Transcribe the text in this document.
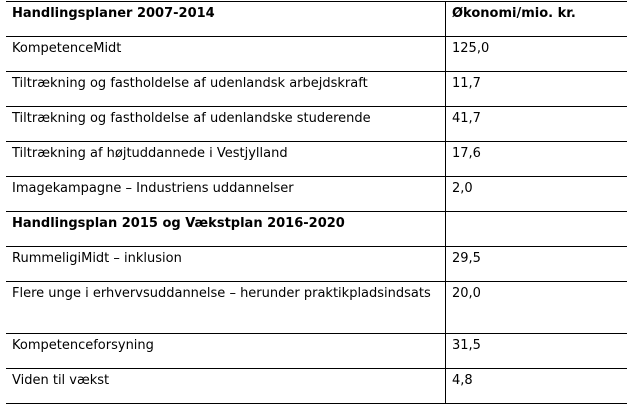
Handlingsplaner 2007-2014	Økonomi/mio. kr.
KompetenceMidt	125,0
Tiltrækning og fastholdelse af udenlandsk arbejdskraft	11,7
Tiltrækning og fastholdelse af udenlandske studerende	41,7
Tiltrækning af højtuddannede i Vestjylland	17,6
Imagekampagne – Industriens uddannelser	2,0
Handlingsplan 2015 og Vækstplan 2016-2020	
RummeligiMidt – inklusion	29,5
Flere unge i erhvervsuddannelse – herunder praktikpladsindsats	20,0
Kompetenceforsyning	31,5
Viden til vækst	4,8
